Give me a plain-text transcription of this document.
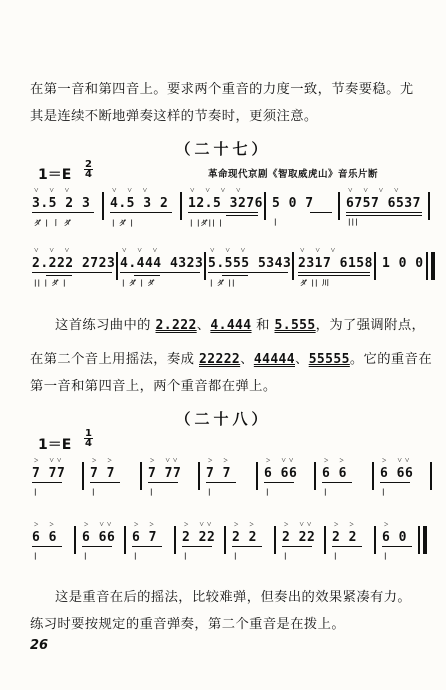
在第一音和第四音上。要求两个重音的力度一致，节奏要稳。尤
其是连续不断地弹奏这样的节奏时，更须注意。
（二十七）
1＝E
2
4	革命现代京剧《智取威虎山》音乐片断
˅ ˅ ˅
3.5 2 3
ダ | 丨 ダ
˅ ˅ ˅
4.5 3 2
| ダ |
˅ ˅ ˅ ˅
12.5 3276
| |ダ|| |
5 0 7
|
˅ ˅ ˅ ˅
6757 6537
|||
˅ ˅ ˅
2.222 2723
|| | ダ |
˅ ˅ ˅
4.444 4323
| ダ | ダ
˅ ˅ ˅
5.555 5343
| ダ ||
˅ ˅ ˅
2317 6158
ダ || 川
1 0 0
这首练习曲中的 2.222、4.444 和 5.555，为了强调附点，
在第二个音上用摇法，奏成 22222、44444、55555。它的重音在
第一音和第四音上，两个重音都在弹上。
（二十八）
1＝E
1
4
˃ ˅˅
7 77
|
˃ ˃
7 7
|
˃ ˅˅
7 77
|
˃ ˃
7 7
|
˃ ˅˅
6 66
|
˃ ˃
6 6
|
˃ ˅˅
6 66
|
˃ ˃
6 6
|
˃ ˅˅
6 66
|
˃ ˃
6 7
|
˃ ˅˅
2 22
|
˃ ˃
2 2
|
˃ ˅˅
2 22
|
˃ ˃
2 2
|
˃
6 0
|
这是重音在后的摇法，比较难弹，但奏出的效果紧凑有力。
练习时要按规定的重音弹奏，第二个重音是在拨上。
26
